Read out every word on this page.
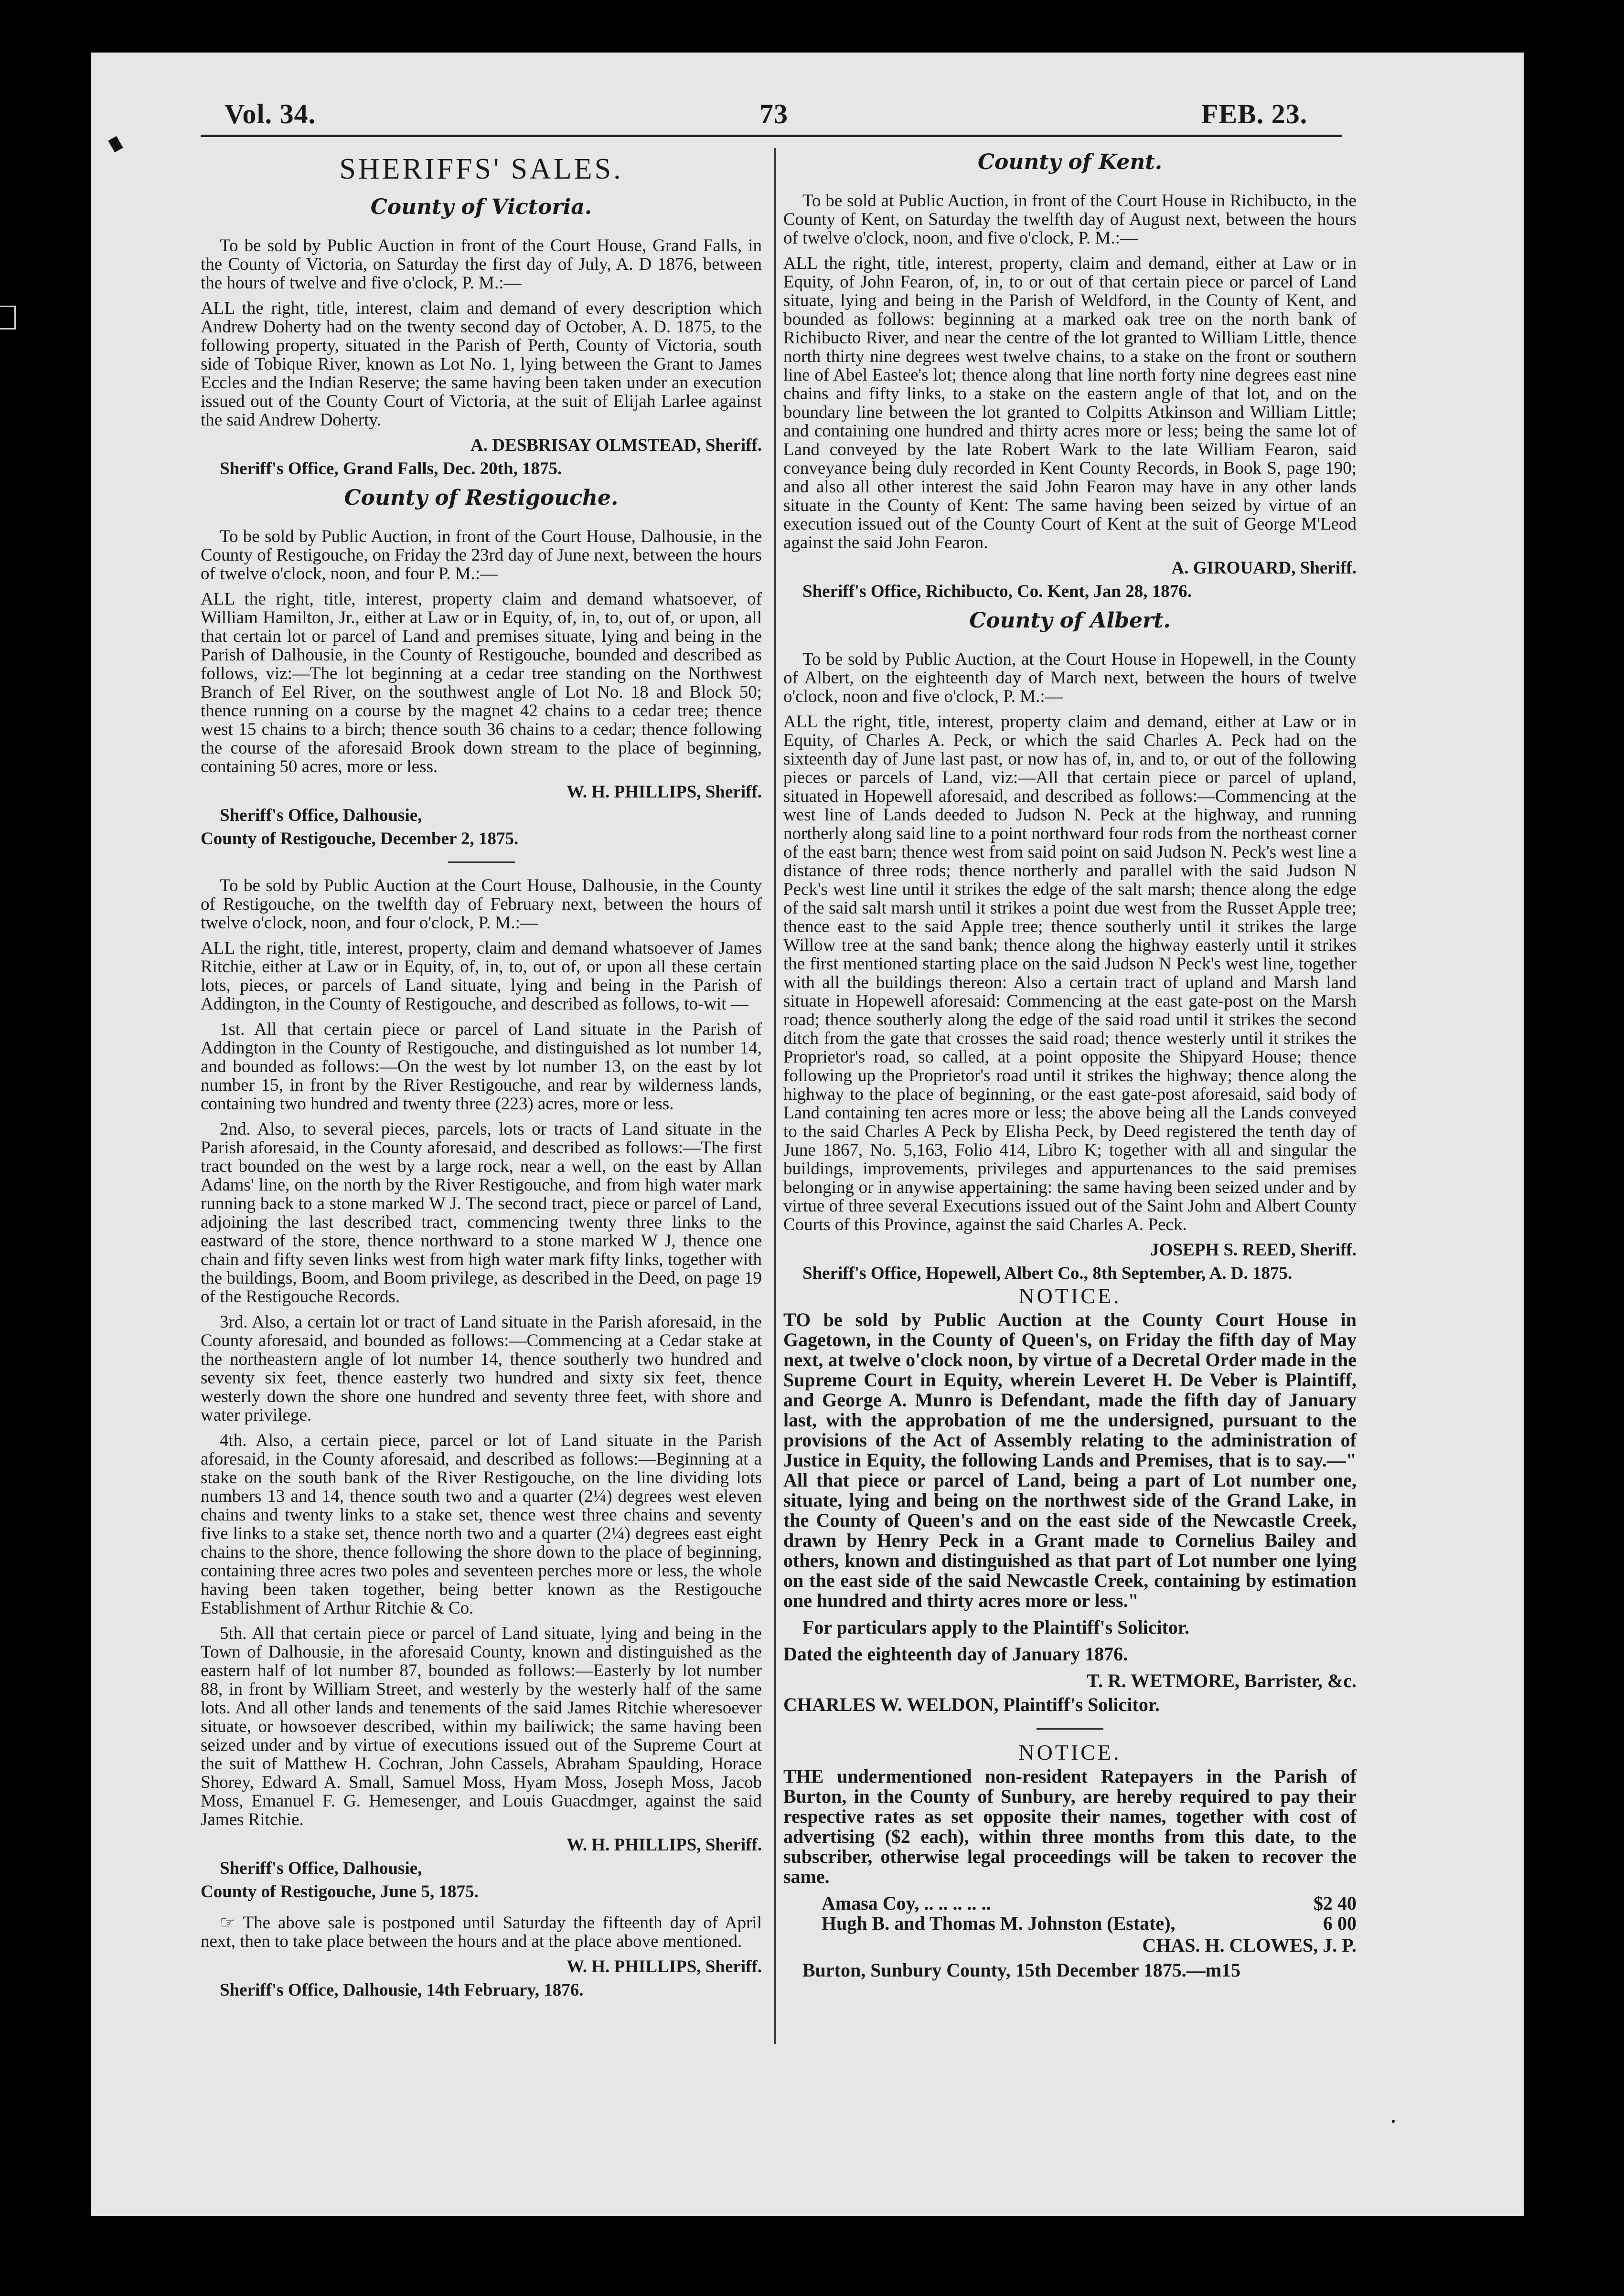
Vol. 34.	73	FEB. 23.
SHERIFFS' SALES.
County of Victoria.

To be sold by Public Auction in front of the Court House, Grand Falls, in the County of Victoria, on Saturday the first day of July, A. D 1876, between the hours of twelve and five o'clock, P. M.:—

ALL the right, title, interest, claim and demand of every description which Andrew Doherty had on the twenty second day of October, A. D. 1875, to the following property, situated in the Parish of Perth, County of Victoria, south side of Tobique River, known as Lot No. 1, lying between the Grant to James Eccles and the Indian Reserve; the same having been taken under an execution issued out of the County Court of Victoria, at the suit of Elijah Larlee against the said Andrew Doherty.

A. DESBRISAY OLMSTEAD, Sheriff.
Sheriff's Office, Grand Falls, Dec. 20th, 1875.
County of Restigouche.

To be sold by Public Auction, in front of the Court House, Dalhousie, in the County of Restigouche, on Friday the 23rd day of June next, between the hours of twelve o'clock, noon, and four P. M.:—

ALL the right, title, interest, property claim and demand whatsoever, of William Hamilton, Jr., either at Law or in Equity, of, in, to, out of, or upon, all that certain lot or parcel of Land and premises situate, lying and being in the Parish of Dalhousie, in the County of Restigouche, bounded and described as follows, viz:—The lot beginning at a cedar tree standing on the Northwest Branch of Eel River, on the southwest angle of Lot No. 18 and Block 50; thence running on a course by the magnet 42 chains to a cedar tree; thence west 15 chains to a birch; thence south 36 chains to a cedar; thence following the course of the aforesaid Brook down stream to the place of beginning, containing 50 acres, more or less.

W. H. PHILLIPS, Sheriff.
Sheriff's Office, Dalhousie,
County of Restigouche, December 2, 1875.

To be sold by Public Auction at the Court House, Dalhousie, in the County of Restigouche, on the twelfth day of February next, between the hours of twelve o'clock, noon, and four o'clock, P. M.:—

ALL the right, title, interest, property, claim and demand whatsoever of James Ritchie, either at Law or in Equity, of, in, to, out of, or upon all these certain lots, pieces, or parcels of Land situate, lying and being in the Parish of Addington, in the County of Restigouche, and described as follows, to-wit —

1st. All that certain piece or parcel of Land situate in the Parish of Addington in the County of Restigouche, and distinguished as lot number 14, and bounded as follows:—On the west by lot number 13, on the east by lot number 15, in front by the River Restigouche, and rear by wilderness lands, containing two hundred and twenty three (223) acres, more or less.

2nd. Also, to several pieces, parcels, lots or tracts of Land situate in the Parish aforesaid, in the County aforesaid, and described as follows:—The first tract bounded on the west by a large rock, near a well, on the east by Allan Adams' line, on the north by the River Restigouche, and from high water mark running back to a stone marked W J. The second tract, piece or parcel of Land, adjoining the last described tract, commencing twenty three links to the eastward of the store, thence northward to a stone marked W J, thence one chain and fifty seven links west from high water mark fifty links, together with the buildings, Boom, and Boom privilege, as described in the Deed, on page 19 of the Restigouche Records.

3rd. Also, a certain lot or tract of Land situate in the Parish aforesaid, in the County aforesaid, and bounded as follows:—Commencing at a Cedar stake at the northeastern angle of lot number 14, thence southerly two hundred and seventy six feet, thence easterly two hundred and sixty six feet, thence westerly down the shore one hundred and seventy three feet, with shore and water privilege.

4th. Also, a certain piece, parcel or lot of Land situate in the Parish aforesaid, in the County aforesaid, and described as follows:—Beginning at a stake on the south bank of the River Restigouche, on the line dividing lots numbers 13 and 14, thence south two and a quarter (2¼) degrees west eleven chains and twenty links to a stake set, thence west three chains and seventy five links to a stake set, thence north two and a quarter (2¼) degrees east eight chains to the shore, thence following the shore down to the place of beginning, containing three acres two poles and seventeen perches more or less, the whole having been taken together, being better known as the Restigouche Establishment of Arthur Ritchie & Co.

5th. All that certain piece or parcel of Land situate, lying and being in the Town of Dalhousie, in the aforesaid County, known and distinguished as the eastern half of lot number 87, bounded as follows:—Easterly by lot number 88, in front by William Street, and westerly by the westerly half of the same lots. And all other lands and tenements of the said James Ritchie wheresoever situate, or howsoever described, within my bailiwick; the same having been seized under and by virtue of executions issued out of the Supreme Court at the suit of Matthew H. Cochran, John Cassels, Abraham Spaulding, Horace Shorey, Edward A. Small, Samuel Moss, Hyam Moss, Joseph Moss, Jacob Moss, Emanuel F. G. Hemesenger, and Louis Guacdmger, against the said James Ritchie.

W. H. PHILLIPS, Sheriff.
Sheriff's Office, Dalhousie,
County of Restigouche, June 5, 1875.

☞ The above sale is postponed until Saturday the fifteenth day of April next, then to take place between the hours and at the place above mentioned.

W. H. PHILLIPS, Sheriff.
Sheriff's Office, Dalhousie, 14th February, 1876.
County of Kent.

To be sold at Public Auction, in front of the Court House in Richibucto, in the County of Kent, on Saturday the twelfth day of August next, between the hours of twelve o'clock, noon, and five o'clock, P. M.:—

ALL the right, title, interest, property, claim and demand, either at Law or in Equity, of John Fearon, of, in, to or out of that certain piece or parcel of Land situate, lying and being in the Parish of Weldford, in the County of Kent, and bounded as follows: beginning at a marked oak tree on the north bank of Richibucto River, and near the centre of the lot granted to William Little, thence north thirty nine degrees west twelve chains, to a stake on the front or southern line of Abel Eastee's lot; thence along that line north forty nine degrees east nine chains and fifty links, to a stake on the eastern angle of that lot, and on the boundary line between the lot granted to Colpitts Atkinson and William Little; and containing one hundred and thirty acres more or less; being the same lot of Land conveyed by the late Robert Wark to the late William Fearon, said conveyance being duly recorded in Kent County Records, in Book S, page 190; and also all other interest the said John Fearon may have in any other lands situate in the County of Kent: The same having been seized by virtue of an execution issued out of the County Court of Kent at the suit of George M'Leod against the said John Fearon.

A. GIROUARD, Sheriff.
Sheriff's Office, Richibucto, Co. Kent, Jan 28, 1876.
County of Albert.

To be sold by Public Auction, at the Court House in Hopewell, in the County of Albert, on the eighteenth day of March next, between the hours of twelve o'clock, noon and five o'clock, P. M.:—

ALL the right, title, interest, property claim and demand, either at Law or in Equity, of Charles A. Peck, or which the said Charles A. Peck had on the sixteenth day of June last past, or now has of, in, and to, or out of the following pieces or parcels of Land, viz:—All that certain piece or parcel of upland, situated in Hopewell aforesaid, and described as follows:—Commencing at the west line of Lands deeded to Judson N. Peck at the highway, and running northerly along said line to a point northward four rods from the northeast corner of the east barn; thence west from said point on said Judson N. Peck's west line a distance of three rods; thence northerly and parallel with the said Judson N Peck's west line until it strikes the edge of the salt marsh; thence along the edge of the said salt marsh until it strikes a point due west from the Russet Apple tree; thence east to the said Apple tree; thence southerly until it strikes the large Willow tree at the sand bank; thence along the highway easterly until it strikes the first mentioned starting place on the said Judson N Peck's west line, together with all the buildings thereon: Also a certain tract of upland and Marsh land situate in Hopewell aforesaid: Commencing at the east gate-post on the Marsh road; thence southerly along the edge of the said road until it strikes the second ditch from the gate that crosses the said road; thence westerly until it strikes the Proprietor's road, so called, at a point opposite the Shipyard House; thence following up the Proprietor's road until it strikes the highway; thence along the highway to the place of beginning, or the east gate-post aforesaid, said body of Land containing ten acres more or less; the above being all the Lands conveyed to the said Charles A Peck by Elisha Peck, by Deed registered the tenth day of June 1867, No. 5,163, Folio 414, Libro K; together with all and singular the buildings, improvements, privileges and appurtenances to the said premises belonging or in anywise appertaining: the same having been seized under and by virtue of three several Executions issued out of the Saint John and Albert County Courts of this Province, against the said Charles A. Peck.

JOSEPH S. REED, Sheriff.
Sheriff's Office, Hopewell, Albert Co., 8th September, A. D. 1875.
NOTICE.

TO be sold by Public Auction at the County Court House in Gagetown, in the County of Queen's, on Friday the fifth day of May next, at twelve o'clock noon, by virtue of a Decretal Order made in the Supreme Court in Equity, wherein Leveret H. De Veber is Plaintiff, and George A. Munro is Defendant, made the fifth day of January last, with the approbation of me the undersigned, pursuant to the provisions of the Act of Assembly relating to the administration of Justice in Equity, the following Lands and Premises, that is to say.—" All that piece or parcel of Land, being a part of Lot number one, situate, lying and being on the northwest side of the Grand Lake, in the County of Queen's and on the east side of the Newcastle Creek, drawn by Henry Peck in a Grant made to Cornelius Bailey and others, known and distinguished as that part of Lot number one lying on the east side of the said Newcastle Creek, containing by estimation one hundred and thirty acres more or less."

For particulars apply to the Plaintiff's Solicitor.

Dated the eighteenth day of January 1876.

T. R. WETMORE, Barrister, &c.
CHARLES W. WELDON, Plaintiff's Solicitor.
NOTICE.

THE undermentioned non-resident Ratepayers in the Parish of Burton, in the County of Sunbury, are hereby required to pay their respective rates as set opposite their names, together with cost of advertising ($2 each), within three months from this date, to the subscriber, otherwise legal proceedings will be taken to recover the same.

Amasa Coy, .. .. .. .. ..	$2 40
Hugh B. and Thomas M. Johnston (Estate),	6 00
CHAS. H. CLOWES, J. P.
Burton, Sunbury County, 15th December 1875.—m15
.
